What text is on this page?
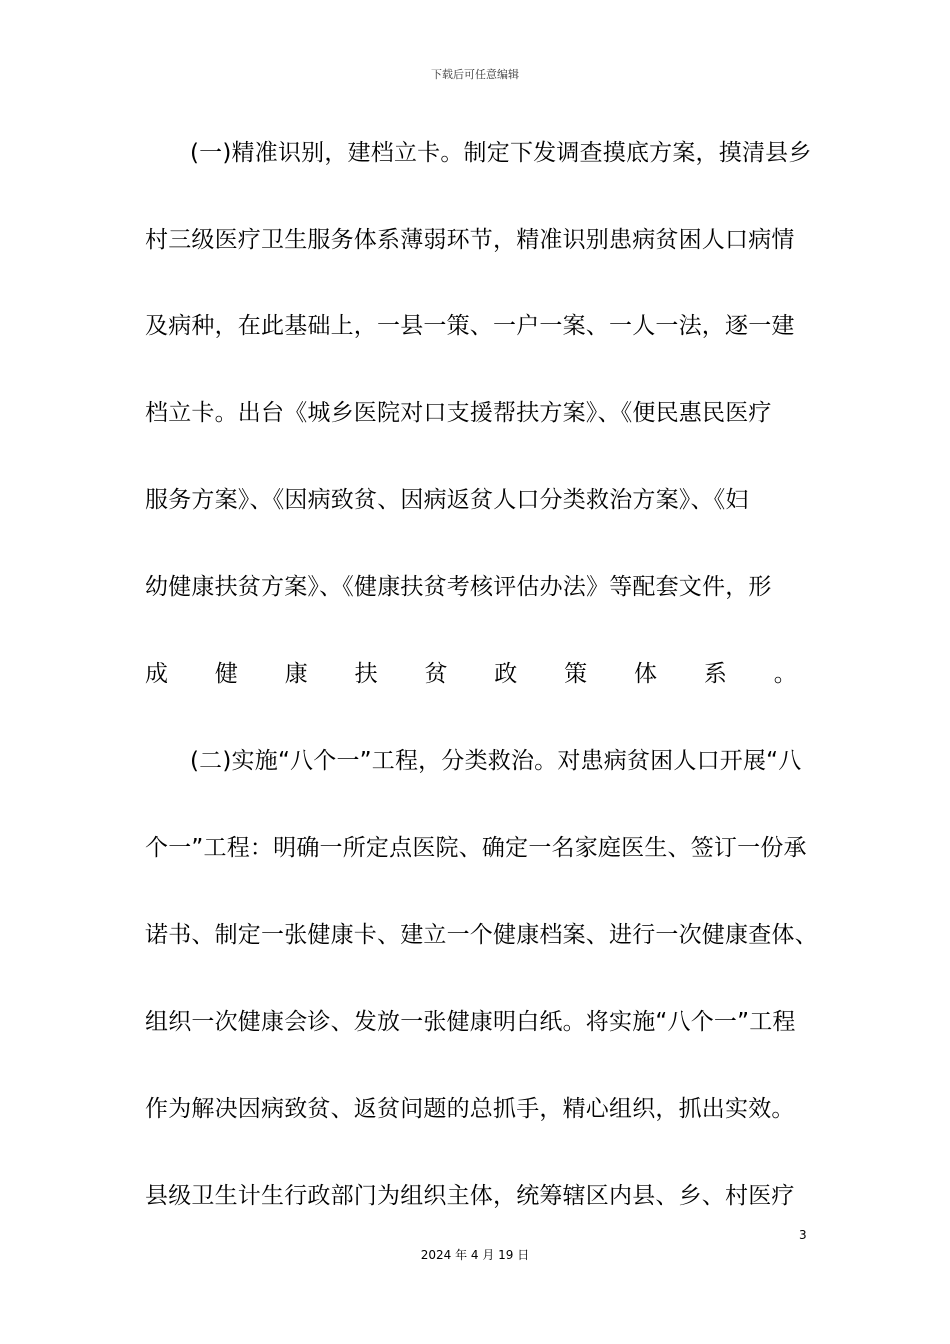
下载后可任意编辑
(一)精准识别，建档立卡。制定下发调查摸底方案，摸清县乡
村三级医疗卫生服务体系薄弱环节，精准识别患病贫困人口病情
及病种，在此基础上，一县一策、一户一案、一人一法，逐一建
档立卡。出台《城乡医院对口支援帮扶方案》、《便民惠民医疗
服务方案》、《因病致贫、因病返贫人口分类救治方案》、《妇
幼健康扶贫方案》、《健康扶贫考核评估办法》等配套文件，形
成 健 康 扶 贫 政 策 体 系 。
(二)实施“八个一”工程，分类救治。对患病贫困人口开展“八
个一”工程：明确一所定点医院、确定一名家庭医生、签订一份承
诺书、制定一张健康卡、建立一个健康档案、进行一次健康查体、
组织一次健康会诊、发放一张健康明白纸。将实施“八个一”工程
作为解决因病致贫、返贫问题的总抓手，精心组织，抓出实效。
县级卫生计生行政部门为组织主体，统筹辖区内县、乡、村医疗
3
2024 年 4 月 19 日
